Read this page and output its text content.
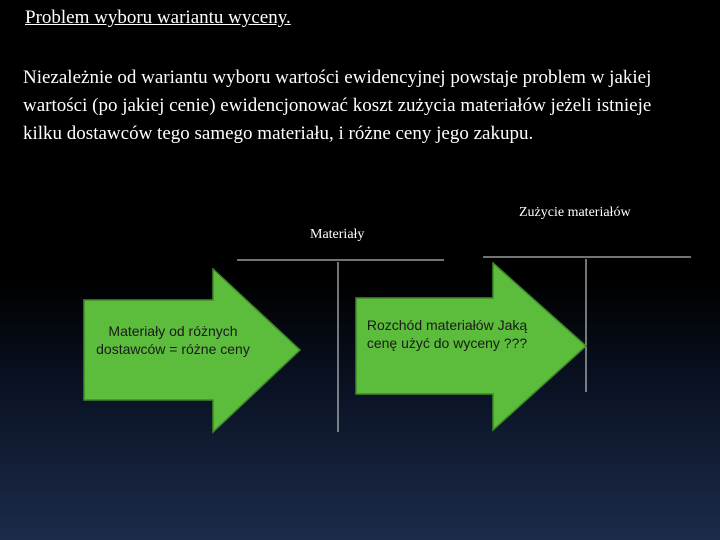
Problem wyboru wariantu wyceny.
Niezależnie od wariantu wyboru wartości ewidencyjnej powstaje problem w jakiej wartości (po jakiej cenie) ewidencjonować koszt zużycia materiałów jeżeli istnieje kilku dostawców tego samego materiału, i różne ceny jego zakupu.
Materiały
Zużycie materiałów
Materiały od różnych dostawców = różne ceny
Rozchód materiałów Jaką cenę użyć do wyceny ???
